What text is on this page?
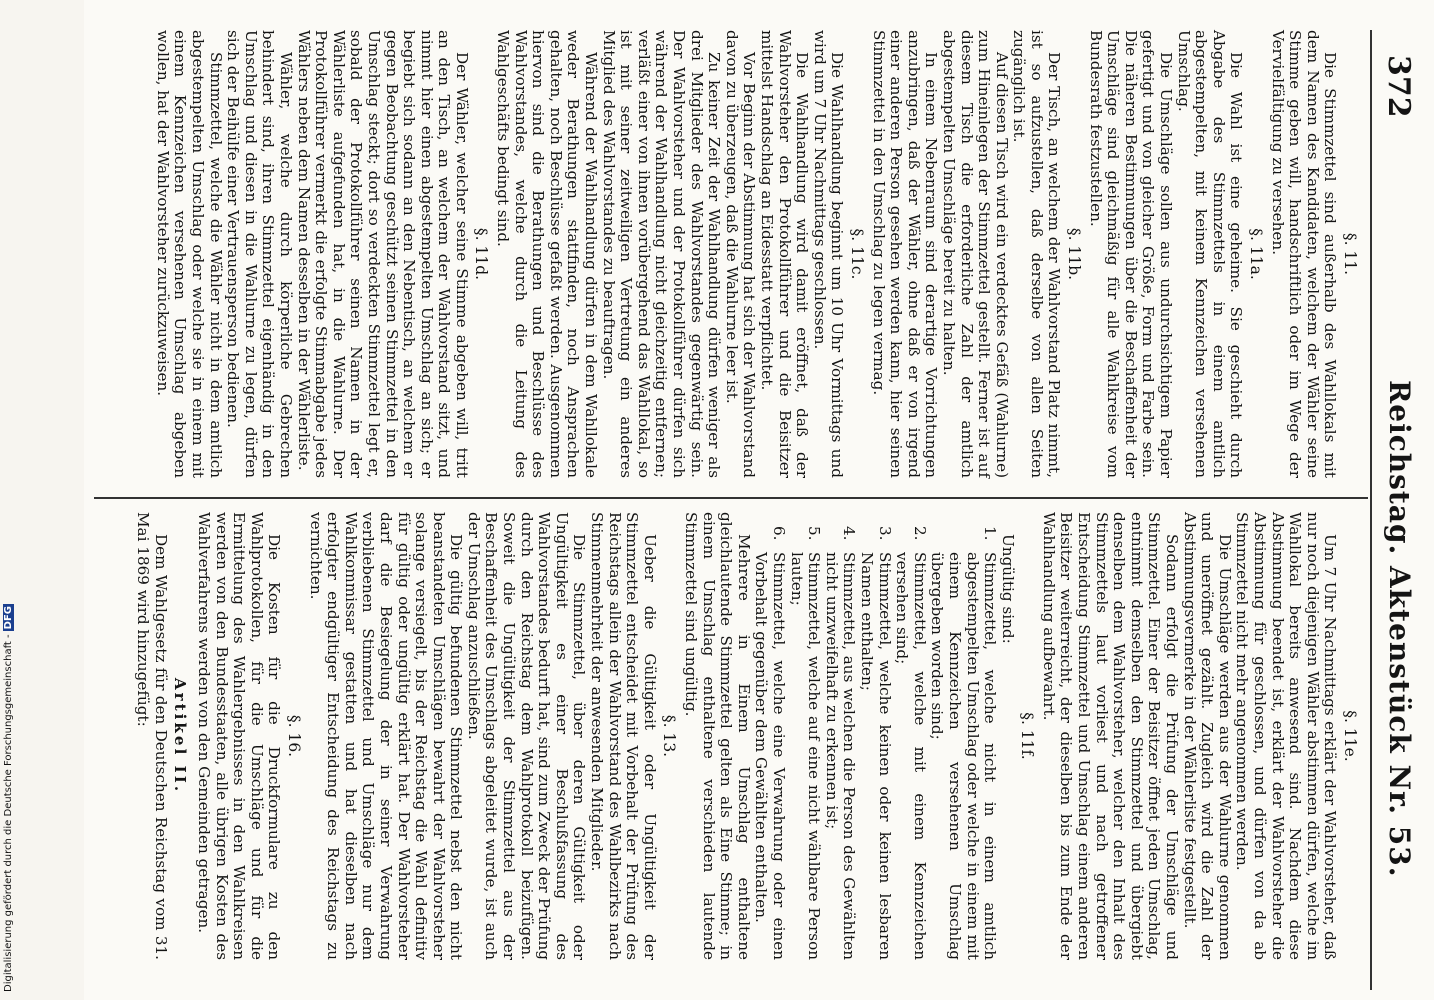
372
Reichstag. Aktenstück Nr. 53.
§. 11.
Die Stimmzettel sind außerhalb des Wahllokals mit dem Namen des Kandidaten, welchem der Wähler seine Stimme geben will, handschriftlich oder im Wege der Vervielfältigung zu versehen.
§. 11a.
Die Wahl ist eine geheime. Sie geschieht durch Abgabe des Stimmzettels in einem amtlich abgestempelten, mit keinem Kennzeichen versehenen Umschlag.
Die Umschläge sollen aus undurchsichtigem Papier gefertigt und von gleicher Größe, Form und Farbe sein. Die näheren Bestimmungen über die Beschaffenheit der Umschläge sind gleichmäßig für alle Wahlkreise vom Bundesrath festzustellen.
§. 11b.
Der Tisch, an welchem der Wahlvorstand Platz nimmt, ist so aufzustellen, daß derselbe von allen Seiten zugänglich ist.
Auf diesen Tisch wird ein verdecktes Gefäß (Wahlurne) zum Hineinlegen der Stimmzettel gestellt. Ferner ist auf diesem Tisch die erforderliche Zahl der amtlich abgestempelten Umschläge bereit zu halten.
In einem Nebenraum sind derartige Vorrichtungen anzubringen, daß der Wähler, ohne daß er von irgend einer anderen Person gesehen werden kann, hier seinen Stimmzettel in den Umschlag zu legen vermag.
§. 11c.
Die Wahlhandlung beginnt um 10 Uhr Vormittags und wird um 7 Uhr Nachmittags geschlossen.
Die Wahlhandlung wird damit eröffnet, daß der Wahlvorsteher den Protokollführer und die Beisitzer mittelst Handschlag an Eidesstatt verpflichtet.
Vor Beginn der Abstimmung hat sich der Wahlvorstand davon zu überzeugen, daß die Wahlurne leer ist.
Zu keiner Zeit der Wahlhandlung dürfen weniger als drei Mitglieder des Wahlvorstandes gegenwärtig sein. Der Wahlvorsteher und der Protokollführer dürfen sich während der Wahlhandlung nicht gleichzeitig entfernen; verläßt einer von ihnen vorübergehend das Wahllokal, so ist mit seiner zeitweiligen Vertretung ein anderes Mitglied des Wahlvorstandes zu beauftragen.
Während der Wahlhandlung dürfen in dem Wahllokale weder Berathungen stattfinden, noch Ansprachen gehalten, noch Beschlüsse gefaßt werden. Ausgenommen hiervon sind die Berathungen und Beschlüsse des Wahlvorstandes, welche durch die Leitung des Wahlgeschäfts bedingt sind.
§. 11d.
Der Wähler, welcher seine Stimme abgeben will, tritt an den Tisch, an welchem der Wahlvorstand sitzt, und nimmt hier einen abgestempelten Umschlag an sich; er begiebt sich sodann an den Nebentisch, an welchem er gegen Beobachtung geschützt seinen Stimmzettel in den Umschlag steckt; dort so verdeckten Stimmzettel legt er, sobald der Protokollführer seinen Namen in der Wählerliste aufgefunden hat, in die Wahlurne. Der Protokollführer vermerkt die erfolgte Stimmabgabe jedes Wählers neben dem Namen desselben in der Wählerliste.
Wähler, welche durch körperliche Gebrechen behindert sind, ihren Stimmzettel eigenhändig in den Umschlag und diesen in die Wahlurne zu legen, dürfen sich der Beihülfe einer Vertrauensperson bedienen.
Stimmzettel, welche die Wähler nicht in dem amtlich abgestempelten Umschlag oder welche sie in einem mit einem Kennzeichen versehenen Umschlag abgeben wollen, hat der Wahlvorsteher zurückzuweisen.
§. 11e.
Um 7 Uhr Nachmittags erklärt der Wahlvorsteher, daß nur noch diejenigen Wähler abstimmen dürfen, welche im Wahllokal bereits anwesend sind. Nachdem diese Abstimmung beendet ist, erklärt der Wahlvorsteher die Abstimmung für geschlossen, und dürfen von da ab Stimmzettel nicht mehr angenommen werden.
Die Umschläge werden aus der Wahlurne genommen und uneröffnet gezählt. Zugleich wird die Zahl der Abstimmungsvermerke in der Wählerliste festgestellt.
Sodann erfolgt die Prüfung der Umschläge und Stimmzettel. Einer der Beisitzer öffnet jeden Umschlag, entnimmt demselben den Stimmzettel und übergiebt denselben dem Wahlvorsteher, welcher den Inhalt des Stimmzettels laut vorliest und nach getroffener Entscheidung Stimmzettel und Umschlag einem anderen Beisitzer weiterreicht, der dieselben bis zum Ende der Wahlhandlung aufbewahrt.
§. 11f.
Ungültig sind:
1.
Stimmzettel, welche nicht in einem amtlich abgestempelten Umschlag oder welche in einem mit einem Kennzeichen versehenen Umschlag übergeben worden sind;
2.
Stimmzettel, welche mit einem Kennzeichen versehen sind;
3.
Stimmzettel, welche keinen oder keinen lesbaren Namen enthalten;
4.
Stimmzettel, aus welchen die Person des Gewählten nicht unzweifelhaft zu erkennen ist;
5.
Stimmzettel, welche auf eine nicht wählbare Person lauten;
6.
Stimmzettel, welche eine Verwahrung oder einen Vorbehalt gegenüber dem Gewählten enthalten.
Mehrere in Einem Umschlag enthaltene gleichlautende Stimmzettel gelten als Eine Stimme; in einem Umschlag enthaltene verschieden lautende Stimmzettel sind ungültig.
§. 13.
Ueber die Gültigkeit oder Ungültigkeit der Stimmzettel entscheidet mit Vorbehalt der Prüfung des Reichstags allein der Wahlvorstand des Wahlbezirks nach Stimmenmehrheit der anwesenden Mitglieder.
Die Stimmzettel, über deren Gültigkeit oder Ungültigkeit es einer Beschlußfassung des Wahlvorstandes bedurft hat, sind zum Zweck der Prüfung durch den Reichstag dem Wahlprotokoll beizufügen. Soweit die Ungültigkeit der Stimmzettel aus der Beschaffenheit des Umschlags abgeleitet wurde, ist auch der Umschlag anzuschließen.
Die gültig befundenen Stimmzettel nebst den nicht beanstandeten Umschlägen bewahrt der Wahlvorsteher solange versiegelt, bis der Reichstag die Wahl definitiv für gültig oder ungültig erklärt hat. Der Wahlvorsteher darf die Besiegelung der in seiner Verwahrung verbliebenen Stimmzettel und Umschläge nur dem Wahlkommissar gestatten und hat dieselben nach erfolgter endgültiger Entscheidung des Reichstags zu vernichten.
§. 16.
Die Kosten für die Druckformulare zu den Wahlprotokollen, für die Umschläge und für die Ermittelung des Wahlergebnisses in den Wahlkreisen werden von den Bundesstaaten, alle übrigen Kosten des Wahlverfahrens werden von den Gemeinden getragen.
Artikel II.
Dem Wahlgesetz für den Deutschen Reichstag vom 31. Mai 1869 wird hinzugefügt:
Digitalisierung gefördert durch die Deutsche Forschungsgemeinschaft -DFG
